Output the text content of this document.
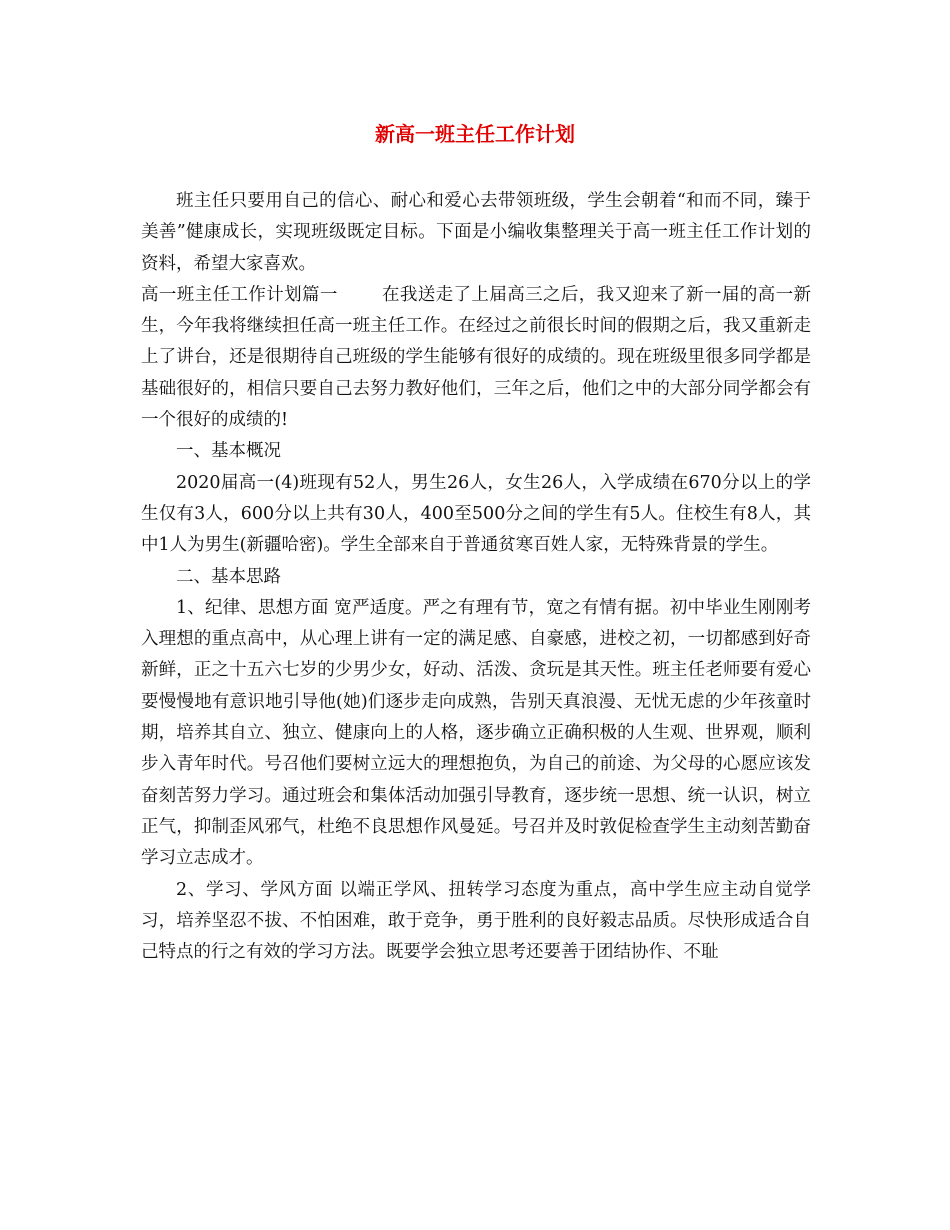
新高一班主任工作计划

班主任只要用自己的信心、耐心和爱心去带领班级，学生会朝着“和而不同，臻于美善”健康成长，实现班级既定目标。下面是小编收集整理关于高一班主任工作计划的资料，希望大家喜欢。

高一班主任工作计划篇一	在我送走了上届高三之后，我又迎来了新一届的高一新生，今年我将继续担任高一班主任工作。在经过之前很长时间的假期之后，我又重新走上了讲台，还是很期待自己班级的学生能够有很好的成绩的。现在班级里很多同学都是基础很好的，相信只要自己去努力教好他们，三年之后，他们之中的大部分同学都会有一个很好的成绩的!

一、基本概况

2020届高一(4)班现有52人，男生26人，女生26人，入学成绩在670分以上的学生仅有3人，600分以上共有30人，400至500分之间的学生有5人。住校生有8人，其中1人为男生(新疆哈密)。学生全部来自于普通贫寒百姓人家，无特殊背景的学生。

二、基本思路

1、纪律、思想方面 宽严适度。严之有理有节，宽之有情有据。初中毕业生刚刚考入理想的重点高中，从心理上讲有一定的满足感、自豪感，进校之初，一切都感到好奇新鲜，正之十五六七岁的少男少女，好动、活泼、贪玩是其天性。班主任老师要有爱心要慢慢地有意识地引导他(她)们逐步走向成熟，告别天真浪漫、无忧无虑的少年孩童时期，培养其自立、独立、健康向上的人格，逐步确立正确积极的人生观、世界观，顺利步入青年时代。号召他们要树立远大的理想抱负，为自己的前途、为父母的心愿应该发奋刻苦努力学习。通过班会和集体活动加强引导教育，逐步统一思想、统一认识，树立正气，抑制歪风邪气，杜绝不良思想作风曼延。号召并及时敦促检查学生主动刻苦勤奋学习立志成才。

2、学习、学风方面 以端正学风、扭转学习态度为重点，高中学生应主动自觉学习，培养坚忍不拔、不怕困难，敢于竞争，勇于胜利的良好毅志品质。尽快形成适合自己特点的行之有效的学习方法。既要学会独立思考还要善于团结协作、不耻
